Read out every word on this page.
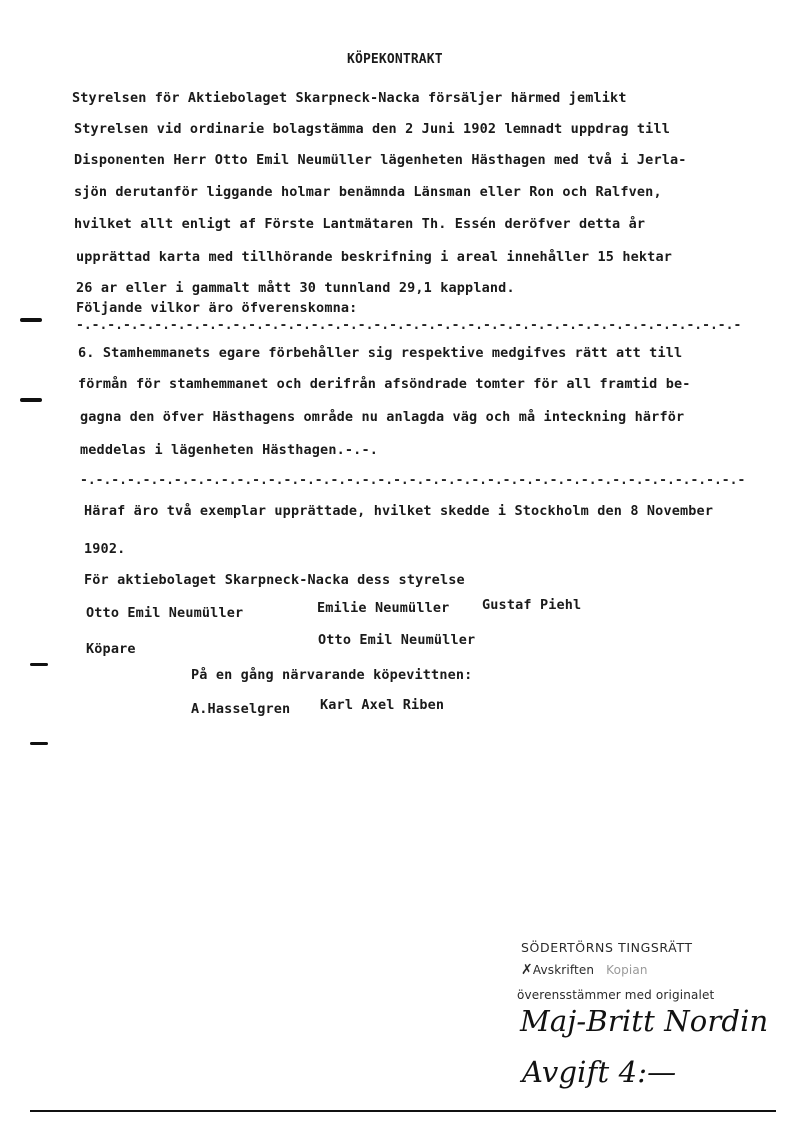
KÖPEKONTRAKT
Styrelsen för Aktiebolaget Skarpneck-Nacka försäljer härmed jemlikt
Styrelsen vid ordinarie bolagstämma den 2 Juni 1902 lemnadt uppdrag till
Disponenten Herr Otto Emil Neumüller lägenheten Hästhagen med två i Jerla-
sjön derutanför liggande holmar benämnda Länsman eller Ron och Ralfven,
hvilket allt enligt af Förste Lantmätaren Th. Essén deröfver detta år
upprättad karta med tillhörande beskrifning i areal innehåller 15 hektar
26 ar eller i gammalt mått 30 tunnland 29,1 kappland.
Följande vilkor äro öfverenskomna:
-.-.-.-.-.-.-.-.-.-.-.-.-.-.-.-.-.-.-.-.-.-.-.-.-.-.-.-.-.-.-.-.-.-.-.-.-.-.-.-.-.-.-
6. Stamhemmanets egare förbehåller sig respektive medgifves rätt att till
förmån för stamhemmanet och derifrån afsöndrade tomter för all framtid be-
gagna den öfver Hästhagens område nu anlagda väg och må inteckning härför
meddelas i lägenheten Hästhagen.-.-.
-.-.-.-.-.-.-.-.-.-.-.-.-.-.-.-.-.-.-.-.-.-.-.-.-.-.-.-.-.-.-.-.-.-.-.-.-.-.-.-.-.-.-
Häraf äro två exemplar upprättade, hvilket skedde i Stockholm den 8 November
1902.
För aktiebolaget Skarpneck-Nacka dess styrelse
Otto Emil Neumüller	Emilie Neumüller Gustaf Piehl
Köpare
Otto Emil Neumüller
På en gång närvarande köpevittnen:
A.Hasselgren Karl Axel Riben
SÖDERTÖRNS TINGSRÄTT
✗Avskriften Kopian
överensstämmer med originalet
Maj-Britt Nordin
Avgift 4:—
